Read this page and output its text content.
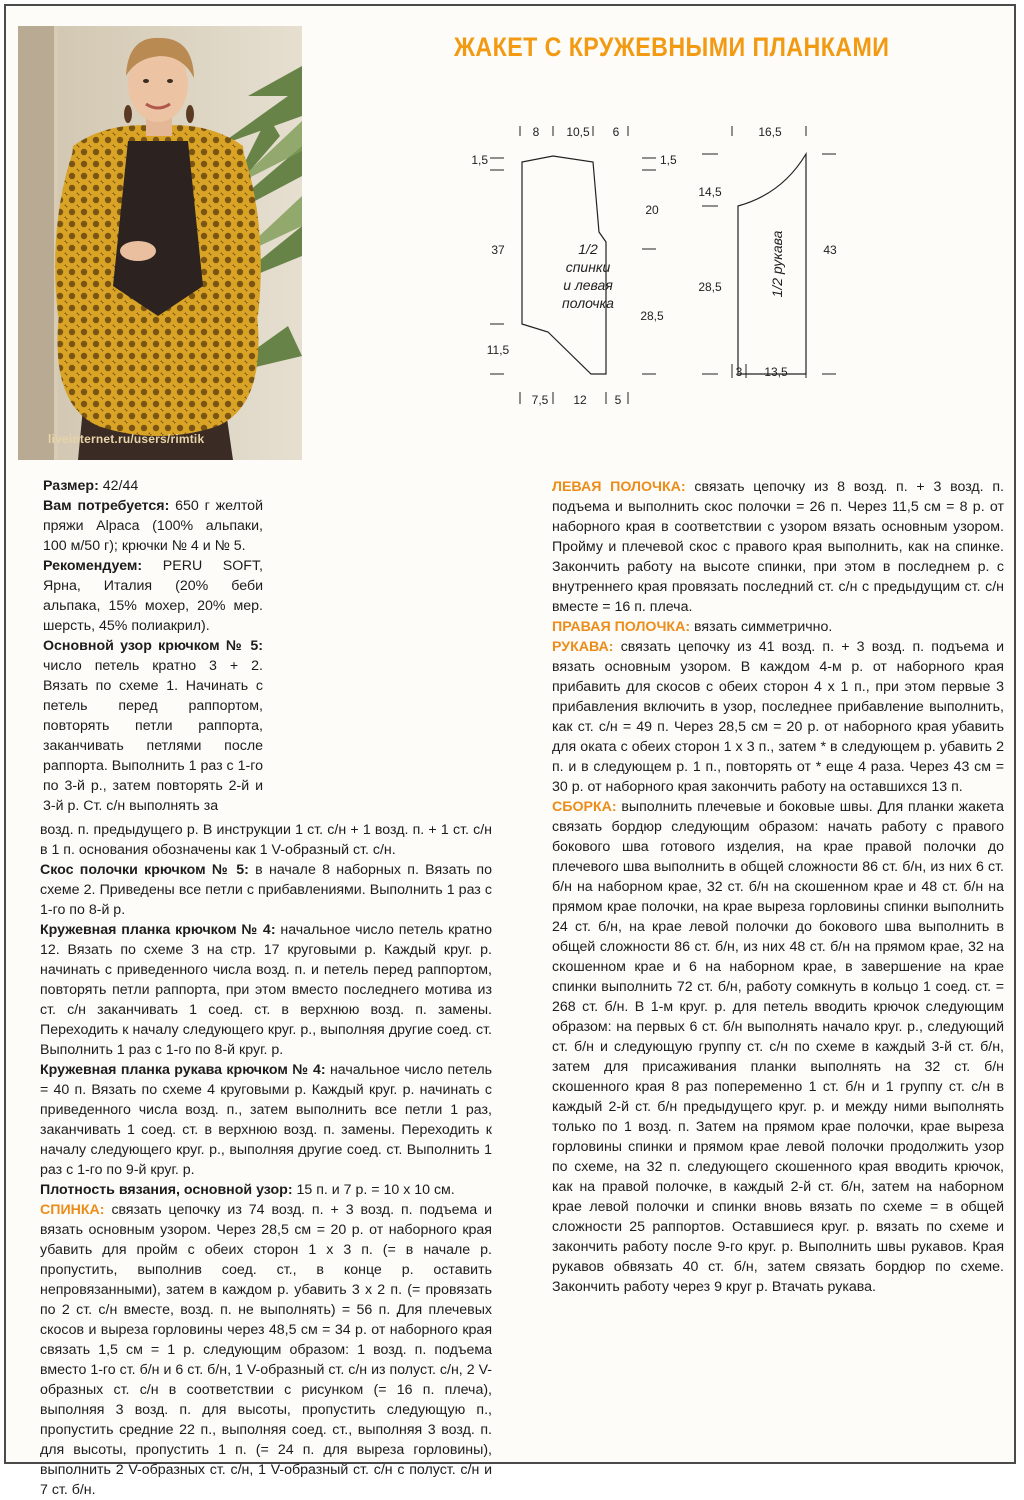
liveinternet.ru/users/rimtik
ЖАКЕТ С КРУЖЕВНЫМИ ПЛАНКАМИ
1/2
спинки
и левая
полочка
1/2 рукава
8 10,5 6
7,5 12 5
1,5
37
11,5
1,5
20
28,5
16,5
14,5
28,5
43
3 13,5

Размер: 42/44

Вам потребуется: 650 г желтой пряжи Alpaca (100% альпаки, 100 м/50 г); крючки № 4 и № 5.

Рекомендуем: PERU SOFT, Ярна, Италия (20% беби альпака, 15% мохер, 20% мер. шерсть, 45% полиакрил).

Основной узор крючком № 5: число петель кратно 3 + 2. Вязать по схеме 1. Начинать с петель перед раппортом, повторять петли раппорта, заканчивать петлями после раппорта. Выполнить 1 раз с 1-го по 3-й р., затем повторять 2-й и 3-й р. Ст. с/н выполнять за

возд. п. предыдущего р. В инструкции 1 ст. с/н + 1 возд. п. + 1 ст. с/н в 1 п. основания обозначены как 1 V-образный ст. с/н.

Скос полочки крючком № 5: в начале 8 наборных п. Вязать по схеме 2. Приведены все петли с прибавлениями. Выполнить 1 раз с 1-го по 8-й р.

Кружевная планка крючком № 4: начальное число петель кратно 12. Вязать по схеме 3 на стр. 17 круговыми р. Каждый круг. р. начинать с приведенного числа возд. п. и петель перед раппортом, повторять петли раппорта, при этом вместо последнего мотива из ст. с/н заканчивать 1 соед. ст. в верхнюю возд. п. замены. Переходить к началу следующего круг. р., выполняя другие соед. ст. Выполнить 1 раз с 1-го по 8-й круг. р.

Кружевная планка рукава крючком № 4: начальное число петель = 40 п. Вязать по схеме 4 круговыми р. Каждый круг. р. начинать с приведенного числа возд. п., затем выполнить все петли 1 раз, заканчивать 1 соед. ст. в верхнюю возд. п. замены. Переходить к началу следующего круг. р., выполняя другие соед. ст. Выполнить 1 раз с 1-го по 9-й круг. р.

Плотность вязания, основной узор: 15 п. и 7 р. = 10 х 10 см.

СПИНКА: связать цепочку из 74 возд. п. + 3 возд. п. подъема и вязать основным узором. Через 28,5 см = 20 р. от наборного края убавить для пройм с обеих сторон 1 х 3 п. (= в начале р. пропустить, выполнив соед. ст., в конце р. оставить непровязанными), затем в каждом р. убавить 3 х 2 п. (= провязать по 2 ст. с/н вместе, возд. п. не выполнять) = 56 п. Для плечевых скосов и выреза горловины через 48,5 см = 34 р. от наборного края связать 1,5 см = 1 р. следующим образом: 1 возд. п. подъема вместо 1-го ст. б/н и 6 ст. б/н, 1 V-образный ст. с/н из полуст. с/н, 2 V-образных ст. с/н в соответствии с рисунком (= 16 п. плеча), выполняя 3 возд. п. для высоты, пропустить следующую п., пропустить средние 22 п., выполняя соед. ст., выполняя 3 возд. п. для высоты, пропустить 1 п. (= 24 п. для выреза горловины), выполнить 2 V-образных ст. с/н, 1 V-образный ст. с/н с полуст. с/н и 7 ст. б/н.

ЛЕВАЯ ПОЛОЧКА: связать цепочку из 8 возд. п. + 3 возд. п. подъема и выполнить скос полочки = 26 п. Через 11,5 см = 8 р. от наборного края в соответствии с узором вязать основным узором. Пройму и плечевой скос с правого края выполнить, как на спинке. Закончить работу на высоте спинки, при этом в последнем р. с внутреннего края провязать последний ст. с/н с предыдущим ст. с/н вместе = 16 п. плеча.

ПРАВАЯ ПОЛОЧКА: вязать симметрично.

РУКАВА: связать цепочку из 41 возд. п. + 3 возд. п. подъема и вязать основным узором. В каждом 4-м р. от наборного края прибавить для скосов с обеих сторон 4 х 1 п., при этом первые 3 прибавления включить в узор, последнее прибавление выполнить, как ст. с/н = 49 п. Через 28,5 см = 20 р. от наборного края убавить для оката с обеих сторон 1 х 3 п., затем * в следующем р. убавить 2 п. и в следующем р. 1 п., повторять от * еще 4 раза. Через 43 см = 30 р. от наборного края закончить работу на оставшихся 13 п.

СБОРКА: выполнить плечевые и боковые швы. Для планки жакета связать бордюр следующим образом: начать работу с правого бокового шва готового изделия, на крае правой полочки до плечевого шва выполнить в общей сложности 86 ст. б/н, из них 6 ст. б/н на наборном крае, 32 ст. б/н на скошенном крае и 48 ст. б/н на прямом крае полочки, на крае выреза горловины спинки выполнить 24 ст. б/н, на крае левой полочки до бокового шва выполнить в общей сложности 86 ст. б/н, из них 48 ст. б/н на прямом крае, 32 на скошенном крае и 6 на наборном крае, в завершение на крае спинки выполнить 72 ст. б/н, работу сомкнуть в кольцо 1 соед. ст. = 268 ст. б/н. В 1-м круг. р. для петель вводить крючок следующим образом: на первых 6 ст. б/н выполнять начало круг. р., следующий ст. б/н и следующую группу ст. с/н по схеме в каждый 3-й ст. б/н, затем для присаживания планки выполнять на 32 ст. б/н скошенного края 8 раз попеременно 1 ст. б/н и 1 группу ст. с/н в каждый 2-й ст. б/н предыдущего круг. р. и между ними выполнять только по 1 возд. п. Затем на прямом крае полочки, крае выреза горловины спинки и прямом крае левой полочки продолжить узор по схеме, на 32 п. следующего скошенного края вводить крючок, как на правой полочке, в каждый 2-й ст. б/н, затем на наборном крае левой полочки и спинки вновь вязать по схеме = в общей сложности 25 раппортов. Оставшиеся круг. р. вязать по схеме и закончить работу после 9-го круг. р. Выполнить швы рукавов. Края рукавов обвязать 40 ст. б/н, затем связать бордюр по схеме. Закончить работу через 9 круг р. Втачать рукава.
